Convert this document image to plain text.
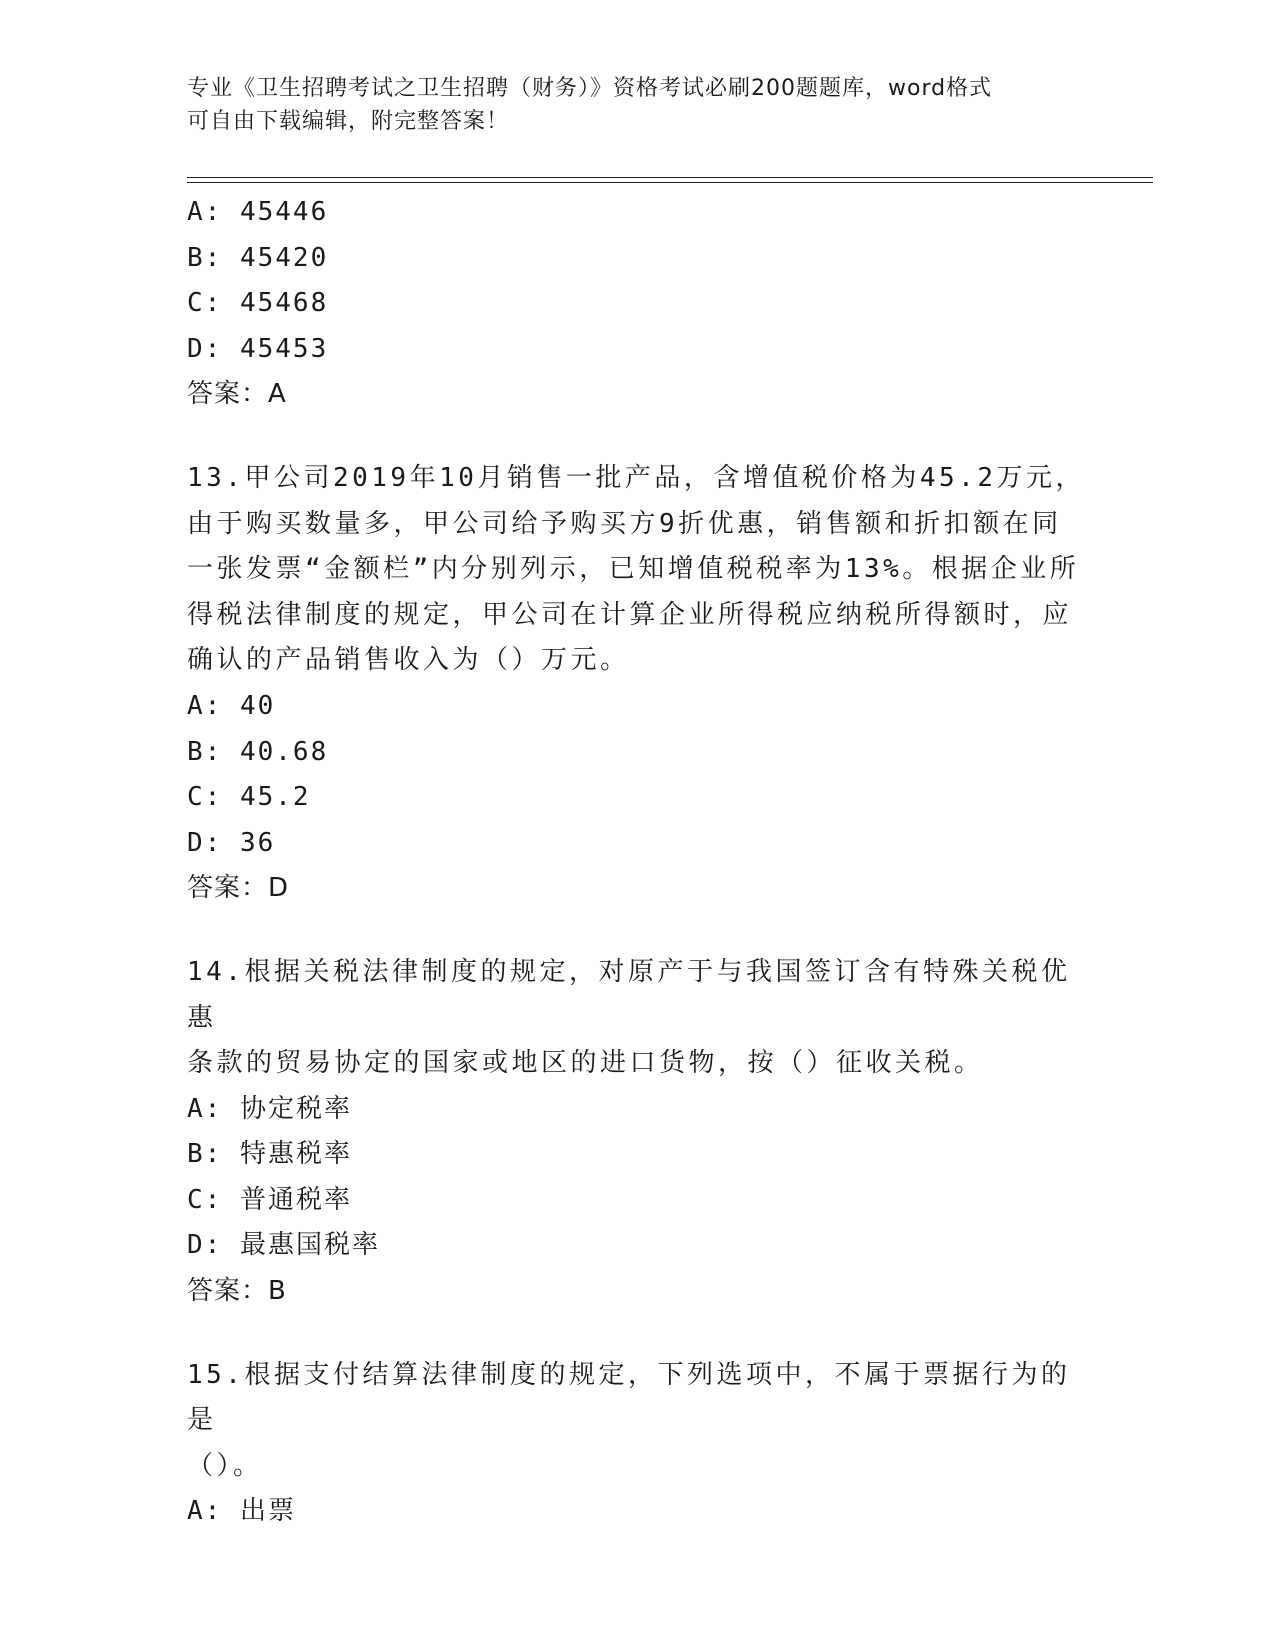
专业《卫生招聘考试之卫生招聘（财务）》资格考试必刷200题题库，word格式
可自由下载编辑，附完整答案！
A: 45446
B: 45420
C: 45468
D: 45453
答案：A
13.甲公司2019年10月销售一批产品，含增值税价格为45.2万元，
由于购买数量多，甲公司给予购买方9折优惠，销售额和折扣额在同
一张发票“金额栏”内分别列示，已知增值税税率为13%。根据企业所
得税法律制度的规定，甲公司在计算企业所得税应纳税所得额时，应
确认的产品销售收入为（）万元。
A: 40
B: 40.68
C: 45.2
D: 36
答案：D
14.根据关税法律制度的规定，对原产于与我国签订含有特殊关税优惠
条款的贸易协定的国家或地区的进口货物，按（）征收关税。
A: 协定税率
B: 特惠税率
C: 普通税率
D: 最惠国税率
答案：B
15.根据支付结算法律制度的规定，下列选项中，不属于票据行为的是
（）。
A: 出票
